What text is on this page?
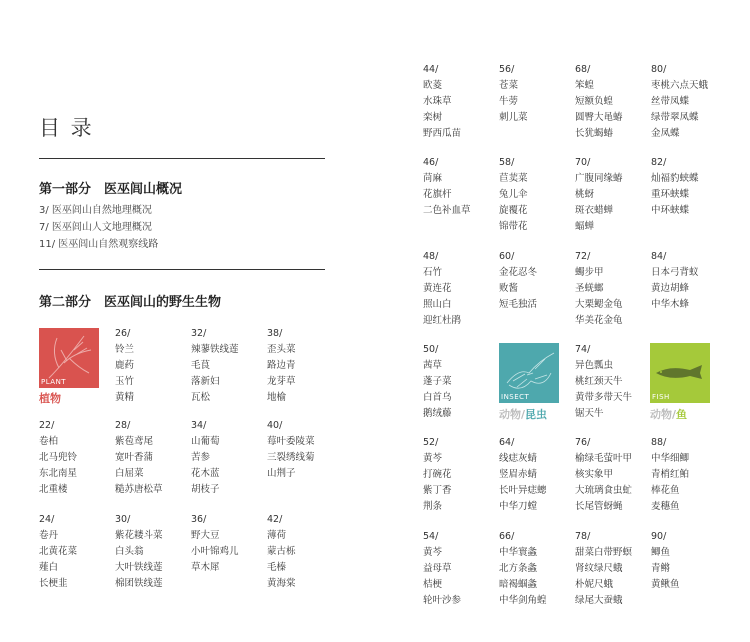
目 录
第一部分　医巫闾山概况
3/ 医巫闾山自然地理概况
7/ 医巫闾山人文地理概况
11/ 医巫闾山自然观察线路
第二部分　医巫闾山的野生生物
PLANT
植物	INSECT
动物/昆虫
FISH
动物/鱼
26/
铃兰
鹿药
玉竹
黄精
32/
辣蓼铁线莲
毛茛
落新妇
瓦松
38/
歪头菜
路边青
龙芽草
地榆
22/
卷柏
北马兜铃
东北南星
北重楼
28/
紫苞鸢尾
宽叶香蒲
白屈菜
糙苏唐松草
34/
山葡萄
苦参
花木蓝
胡枝子
40/
莓叶委陵菜
三裂绣线菊
山荆子
24/
卷丹
北黄花菜
薤白
长梗韭
30/
紫花耧斗菜
白头翁
大叶铁线莲
棉团铁线莲
36/
野大豆
小叶锦鸡儿
草木犀
42/
薄荷
蒙古栎
毛榛
黄海棠
44/
欧菱
水珠草
栾树
野西瓜苗
56/
苍菜
牛蒡
刺儿菜
68/
笨蝗
短额负蝗
圆臀大黾蝽
长犹蝎蝽
80/
枣桃六点天蛾
丝带凤蝶
绿带翠凤蝶
金凤蝶
46/
苘麻
花旗杆
二色补血草
58/
苣荬菜
兔儿伞
旋覆花
锦带花
70/
广腹同缘蝽
桃蚜
斑衣蜡蝉
蝠蝉
82/
灿福豹蛱蝶
重环蛱蝶
中环蛱蝶
48/
石竹
黄连花
照山白
迎红杜鹃
60/
金花忍冬
败酱
短毛独活
72/
蠋步甲
圣蜣螂
大栗鳃金龟
华美花金龟
84/
日本弓背蚁
黄边胡蜂
中华木蜂
50/
茜草
蓬子菜
白首乌
鹅绒藤
74/
异色瓢虫
桃红颈天牛
黄带多带天牛
锯天牛
52/
黄芩
打碗花
紫丁香
荆条
64/
线痣灰蜻
竖眉赤蜻
长叶异痣蟌
中华刀螳
76/
榆绿毛萤叶甲
核实象甲
大琉璃食虫虻
长尾管蚜蝇
88/
中华细鲫
青梢红鲌
棒花鱼
麦穗鱼
54/
黄芩
益母草
桔梗
轮叶沙参
66/
中华寰螽
北方条螽
暗褐蝈螽
中华剑角蝗
78/
甜菜白带野螟
肾纹绿尺蛾
朴妮尺蛾
绿尾大蚕蛾
90/
鲫鱼
青鳉
黄鳅鱼
